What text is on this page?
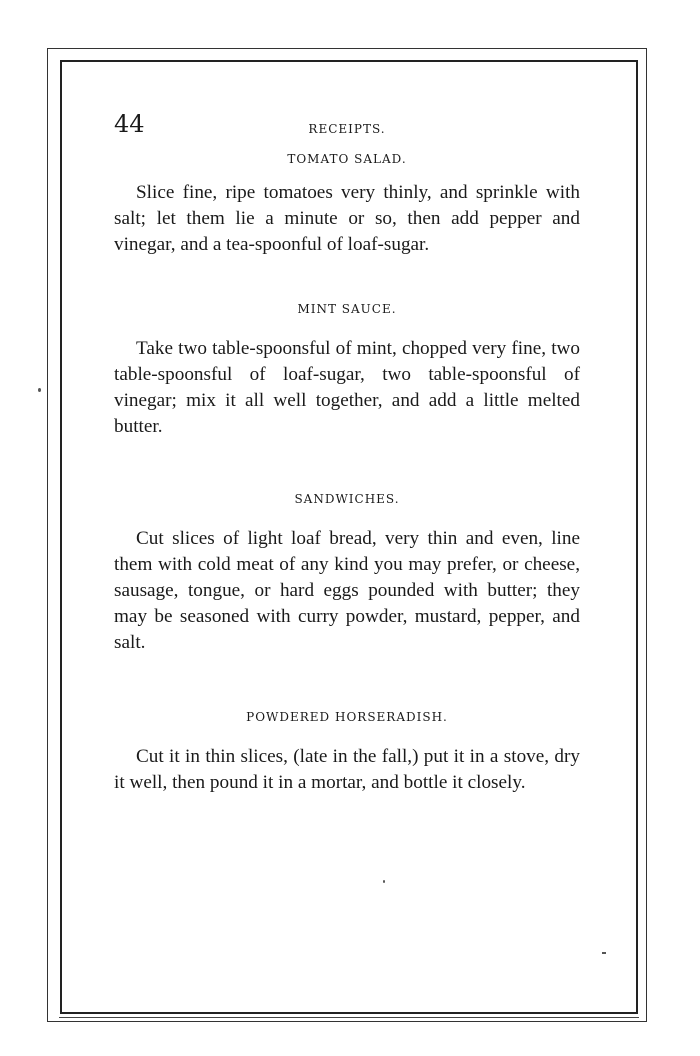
44	RECEIPTS.

TOMATO SALAD.

Slice fine, ripe tomatoes very thinly, and sprinkle with salt; let them lie a minute or so, then add pepper and vinegar, and a tea-spoonful of loaf-sugar.

MINT SAUCE.

Take two table-spoonsful of mint, chopped very fine, two table-spoonsful of loaf-sugar, two table-spoonsful of vinegar; mix it all well together, and add a little melted butter.

SANDWICHES.

Cut slices of light loaf bread, very thin and even, line them with cold meat of any kind you may prefer, or cheese, sausage, tongue, or hard eggs pounded with butter; they may be seasoned with curry powder, mustard, pepper, and salt.

POWDERED HORSERADISH.

Cut it in thin slices, (late in the fall,) put it in a stove, dry it well, then pound it in a mortar, and bottle it closely.
